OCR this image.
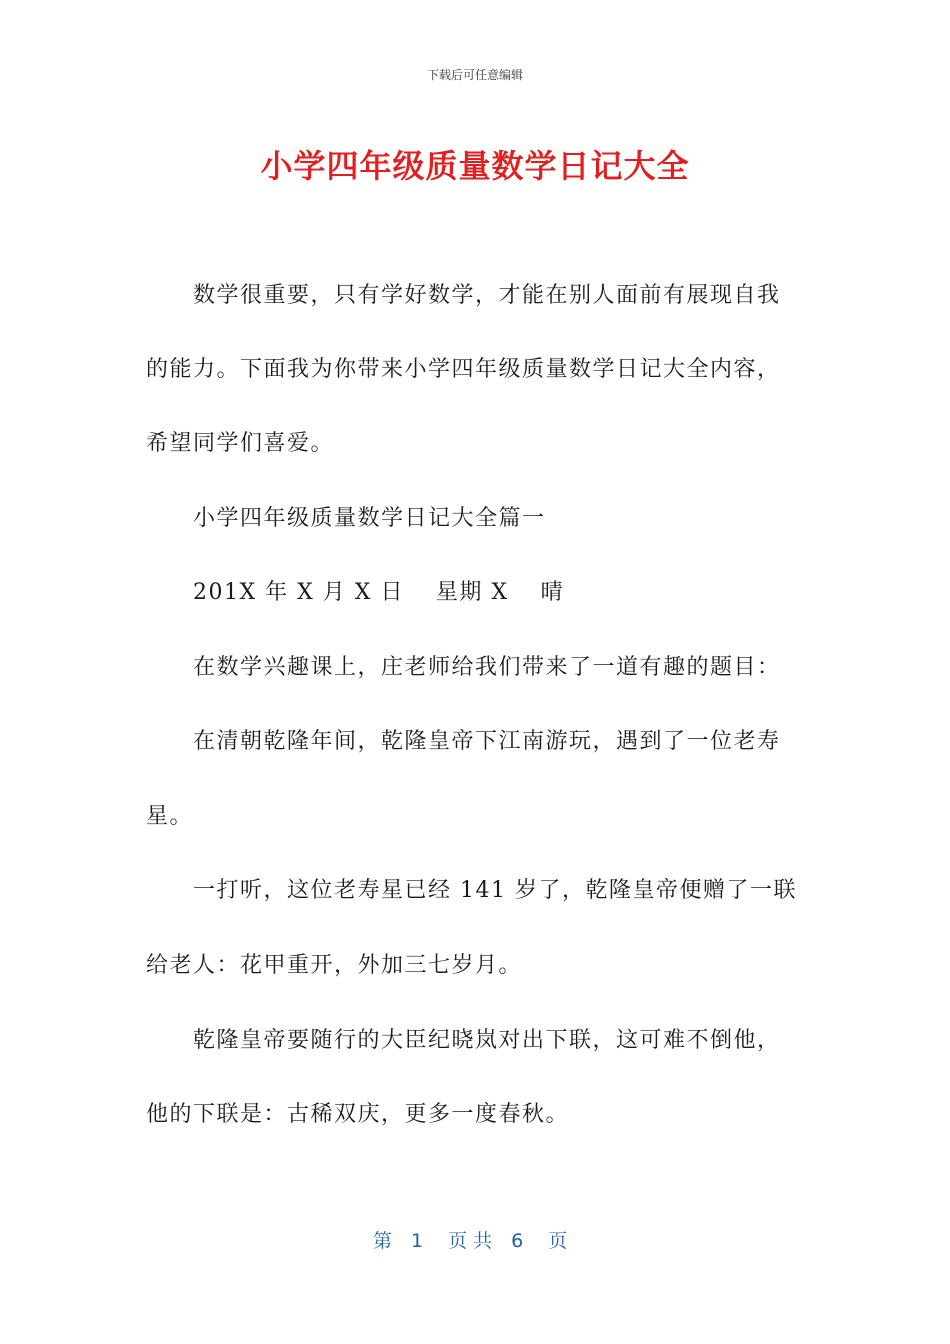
下载后可任意编辑
小学四年级质量数学日记大全
数学很重要，只有学好数学，才能在别人面前有展现自我
的能力。下面我为你带来小学四年级质量数学日记大全内容，
希望同学们喜爱。
小学四年级质量数学日记大全篇一
201X 年 X 月 X 日　 星期 X　 晴
在数学兴趣课上，庄老师给我们带来了一道有趣的题目：
在清朝乾隆年间，乾隆皇帝下江南游玩，遇到了一位老寿
星。
一打听，这位老寿星已经 141 岁了，乾隆皇帝便赠了一联
给老人：花甲重开，外加三七岁月。
乾隆皇帝要随行的大臣纪晓岚对出下联，这可难不倒他，
他的下联是：古稀双庆，更多一度春秋。
第　1　 页 共　6　 页
